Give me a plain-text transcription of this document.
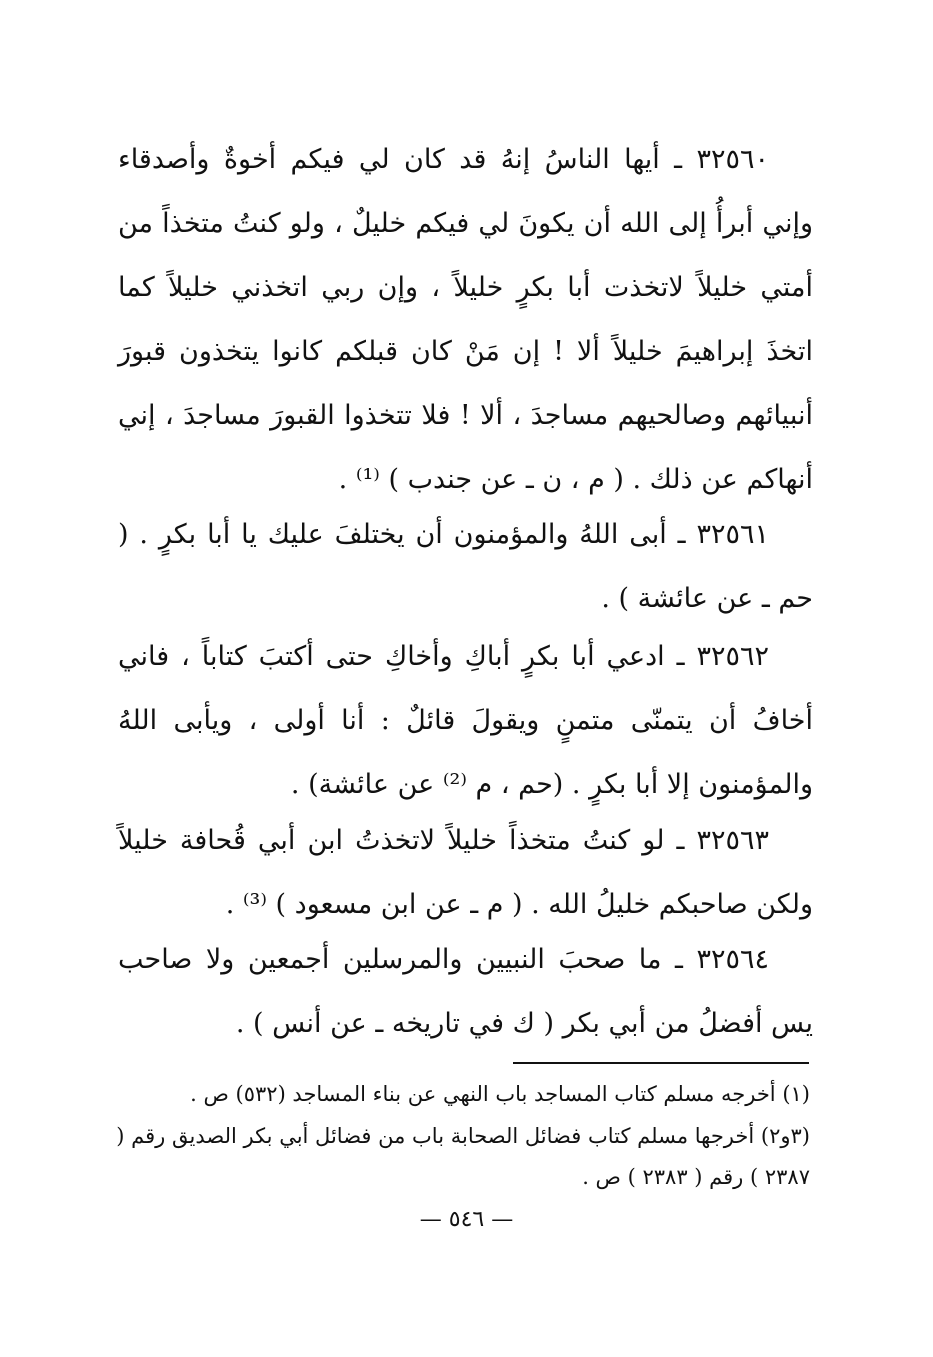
٣٢٥٦٠ ـ أيها الناسُ إنهُ قد كان لي فيكم أخوةٌ وأصدقاء وإني أبرأُ إلى الله أن يكونَ لي فيكم خليلٌ ، ولو كنتُ متخذاً من أمتي خليلاً لاتخذت أبا بكرٍ خليلاً ، وإن ربي اتخذني خليلاً كما اتخذَ إبراهيمَ خليلاً ألا ! إن مَنْ كان قبلكم كانوا يتخذون قبورَ أنبيائهم وصالحيهم مساجدَ ، ألا ! فلا تتخذوا القبورَ مساجدَ ، إني أنهاكم عن ذلك . ( م ، ن ـ عن جندب ) ⁽¹⁾ .

٣٢٥٦١ ـ أبى اللهُ والمؤمنون أن يختلفَ عليك يا أبا بكرٍ . ( حم ـ عن عائشة ) .

٣٢٥٦٢ ـ ادعي أبا بكرٍ أباكِ وأخاكِ حتى أكتبَ كتاباً ، فاني أخافُ أن يتمنّى متمنٍ ويقولَ قائلٌ : أنا أولى ، ويأبى اللهُ والمؤمنون إلا أبا بكرٍ . (حم ، م ⁽²⁾ عن عائشة) .

٣٢٥٦٣ ـ لو كنتُ متخذاً خليلاً لاتخذتُ ابن أبي قُحافة خليلاً ولكن صاحبكم خليلُ الله . ( م ـ عن ابن مسعود ) ⁽³⁾ .

٣٢٥٦٤ ـ ما صحبَ النبيين والمرسلين أجمعين ولا صاحب يس أفضلُ من أبي بكر ( ك في تاريخه ـ عن أنس ) .

(١) أخرجه مسلم كتاب المساجد باب النهي عن بناء المساجد (٥٣٢) ص .

(٣و٢) أخرجها مسلم كتاب فضائل الصحابة باب من فضائل أبي بكر الصديق رقم ( ٢٣٨٧ ) رقم ( ٢٣٨٣ ) ص .

— ٥٤٦ —
